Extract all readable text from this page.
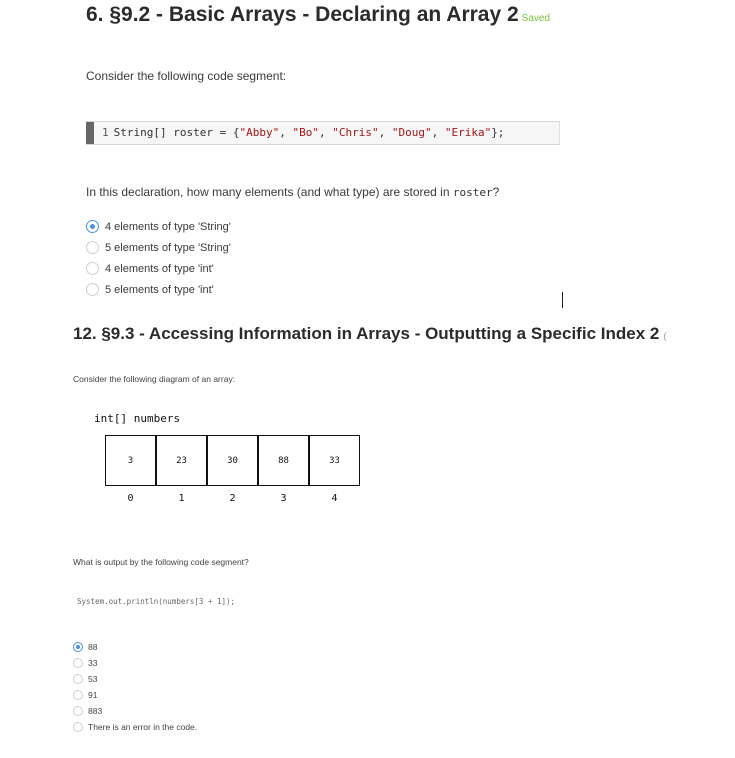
6. §9.2 - Basic Arrays - Declaring an Array 2 Saved
Consider the following code segment:
1 String[] roster = {"Abby", "Bo", "Chris", "Doug", "Erika"};
In this declaration, how many elements (and what type) are stored in roster?
4 elements of type 'String'
5 elements of type 'String'
4 elements of type 'int'
5 elements of type 'int'
12. §9.3 - Accessing Information in Arrays - Outputting a Specific Index 2 (
Consider the following diagram of an array:
int[] numbers
3	23	30	88	33
0	1	2	3	4
What is output by the following code segment?
System.out.println(numbers[3 + 1]);
88
33
53
91
883
There is an error in the code.
